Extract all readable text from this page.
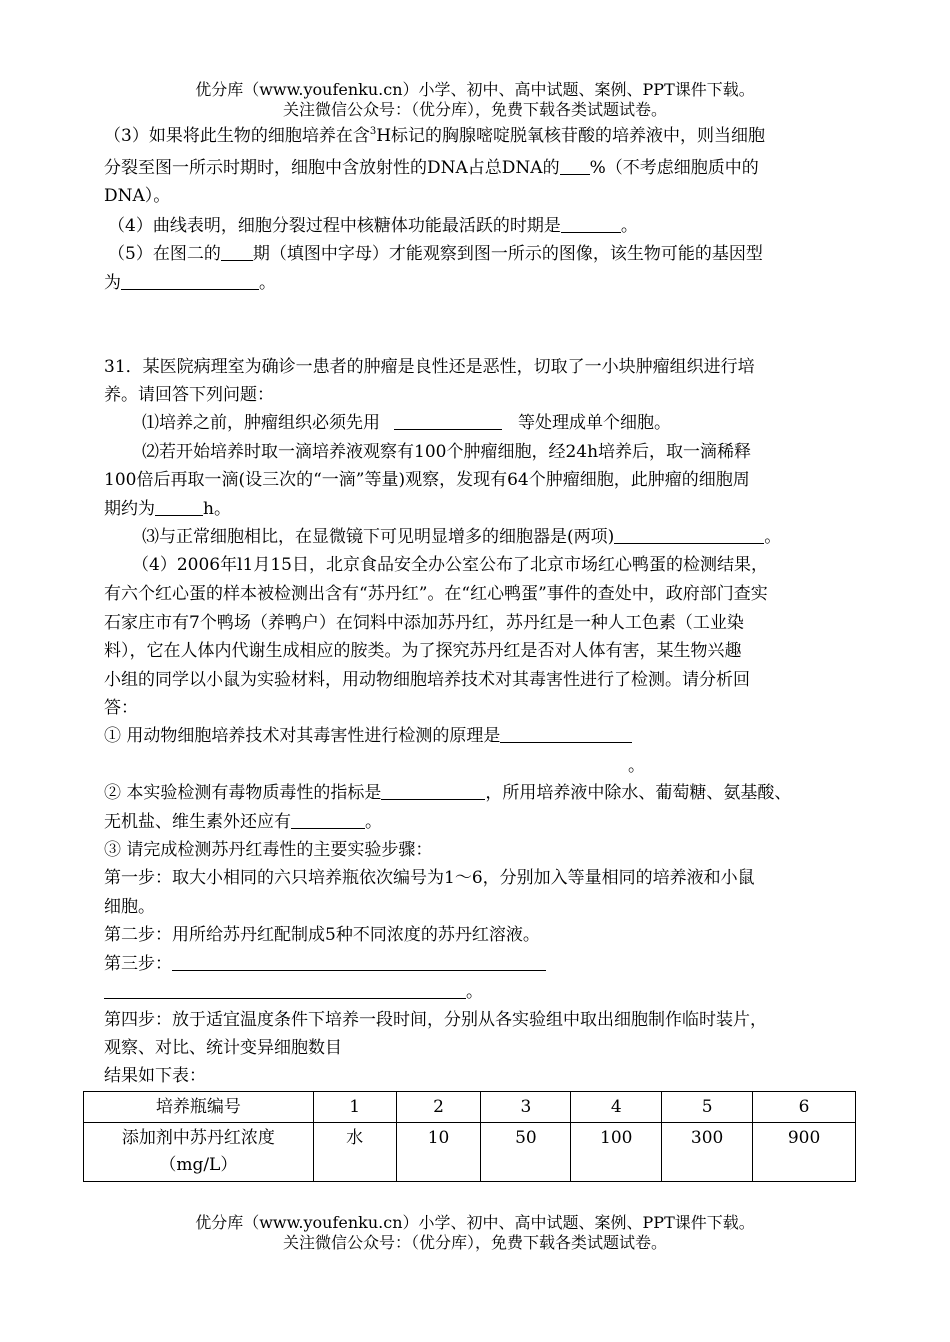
优分库（www.youfenku.cn）小学、初中、高中试题、案例、PPT课件下载。
关注微信公众号：（优分库），免费下载各类试题试卷。
（3）如果将此生物的细胞培养在含$^3$H标记的胸腺嘧啶脱氧核苷酸的培养液中，则当细胞
分裂至图一所示时期时，细胞中含放射性的DNA占总DNA的 %（不考虑细胞质中的
DNA）。
（4）曲线表明，细胞分裂过程中核糖体功能最活跃的时期是	。
（5）在图二的 期（填图中字母）才能观察到图一所示的图像，该生物可能的基因型
为	。
31．某医院病理室为确诊一患者的肿瘤是良性还是恶性，切取了一小块肿瘤组织进行培
养。请回答下列问题：
⑴培养之前，肿瘤组织必须先用	等处理成单个细胞。
⑵若开始培养时取一滴培养液观察有100个肿瘤细胞，经24h培养后，取一滴稀释
100倍后再取一滴(设三次的“一滴”等量)观察，发现有64个肿瘤细胞，此肿瘤的细胞周
期约为	h。
⑶与正常细胞相比，在显微镜下可见明显增多的细胞器是(两项)	。
（4）2006年l1月15日，北京食品安全办公室公布了北京市场红心鸭蛋的检测结果，
有六个红心蛋的样本被检测出含有“苏丹红”。在“红心鸭蛋”事件的查处中，政府部门查实
石家庄市有7个鸭场（养鸭户）在饲料中添加苏丹红，苏丹红是一种人工色素（工业染
料），它在人体内代谢生成相应的胺类。为了探究苏丹红是否对人体有害，某生物兴趣
小组的同学以小鼠为实验材料，用动物细胞培养技术对其毒害性进行了检测。请分析回
答：
① 用动物细胞培养技术对其毒害性进行检测的原理是
。
② 本实验检测有毒物质毒性的指标是	，所用培养液中除水、葡萄糖、氨基酸、
无机盐、维生素外还应有	。
③ 请完成检测苏丹红毒性的主要实验步骤：
第一步：取大小相同的六只培养瓶依次编号为1～6，分别加入等量相同的培养液和小鼠
细胞。
第二步：用所给苏丹红配制成5种不同浓度的苏丹红溶液。
第三步：
。
第四步：放于适宜温度条件下培养一段时间，分别从各实验组中取出细胞制作临时装片，
观察、对比、统计变异细胞数目
结果如下表：
培养瓶编号	1	2	3	4	5	6

添加剂中苏丹红浓度
（mg/L）	水	10	50	100	300	900
优分库（www.youfenku.cn）小学、初中、高中试题、案例、PPT课件下载。
关注微信公众号：（优分库），免费下载各类试题试卷。
